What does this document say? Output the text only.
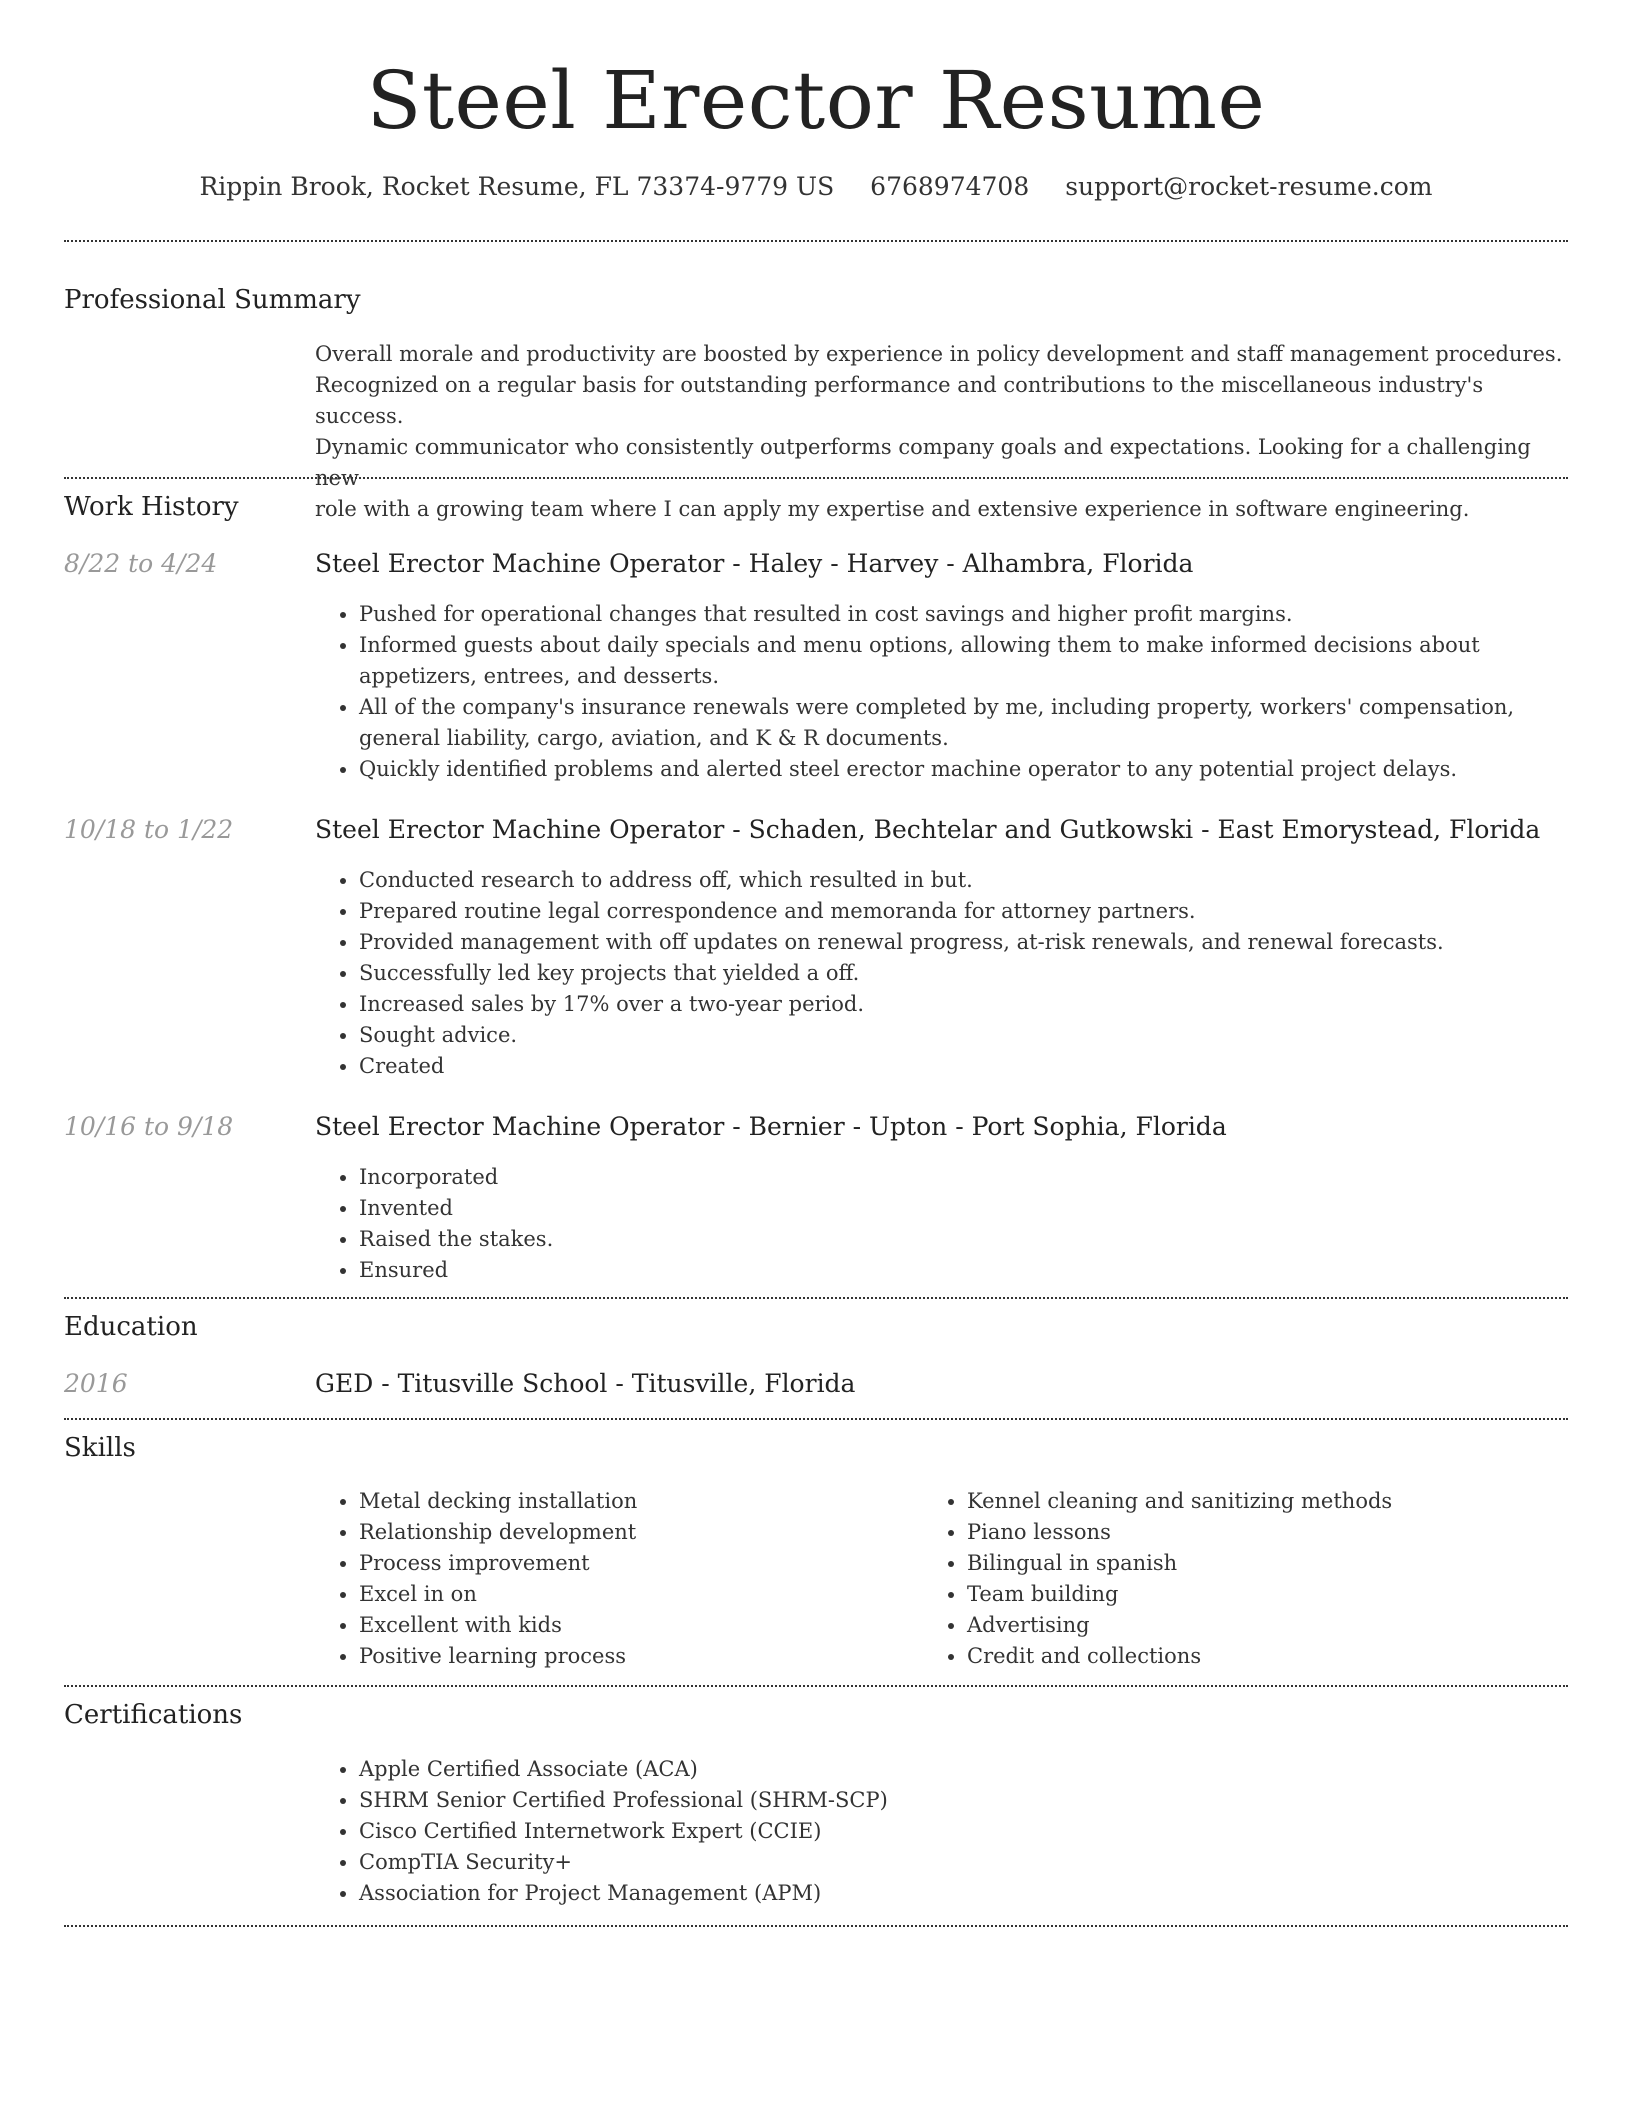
Steel Erector Resume
Rippin Brook, Rocket Resume, FL 73374-9779 US 6768974708 support@rocket-resume.com
Professional Summary
Overall morale and productivity are boosted by experience in policy development and staff management procedures.
Recognized on a regular basis for outstanding performance and contributions to the miscellaneous industry's success.
Dynamic communicator who consistently outperforms company goals and expectations. Looking for a challenging new
role with a growing team where I can apply my expertise and extensive experience in software engineering.
Work History
8/22 to 4/24	Steel Erector Machine Operator - Haley - Harvey - Alhambra, Florida
• Pushed for operational changes that resulted in cost savings and higher profit margins.
• Informed guests about daily specials and menu options, allowing them to make informed decisions about appetizers, entrees, and desserts.
• All of the company's insurance renewals were completed by me, including property, workers' compensation, general liability, cargo, aviation, and K & R documents.
• Quickly identified problems and alerted steel erector machine operator to any potential project delays.
10/18 to 1/22	Steel Erector Machine Operator - Schaden, Bechtelar and Gutkowski - East Emorystead, Florida
• Conducted research to address off, which resulted in but.
• Prepared routine legal correspondence and memoranda for attorney partners.
• Provided management with off updates on renewal progress, at-risk renewals, and renewal forecasts.
• Successfully led key projects that yielded a off.
• Increased sales by 17% over a two-year period.
• Sought advice.
• Created
10/16 to 9/18	Steel Erector Machine Operator - Bernier - Upton - Port Sophia, Florida
• Incorporated
• Invented
• Raised the stakes.
• Ensured
Education
2016	GED - Titusville School - Titusville, Florida
Skills
• Metal decking installation
• Relationship development
• Process improvement
• Excel in on
• Excellent with kids
• Positive learning process
• Kennel cleaning and sanitizing methods
• Piano lessons
• Bilingual in spanish
• Team building
• Advertising
• Credit and collections
Certifications
• Apple Certified Associate (ACA)
• SHRM Senior Certified Professional (SHRM-SCP)
• Cisco Certified Internetwork Expert (CCIE)
• CompTIA Security+
• Association for Project Management (APM)
